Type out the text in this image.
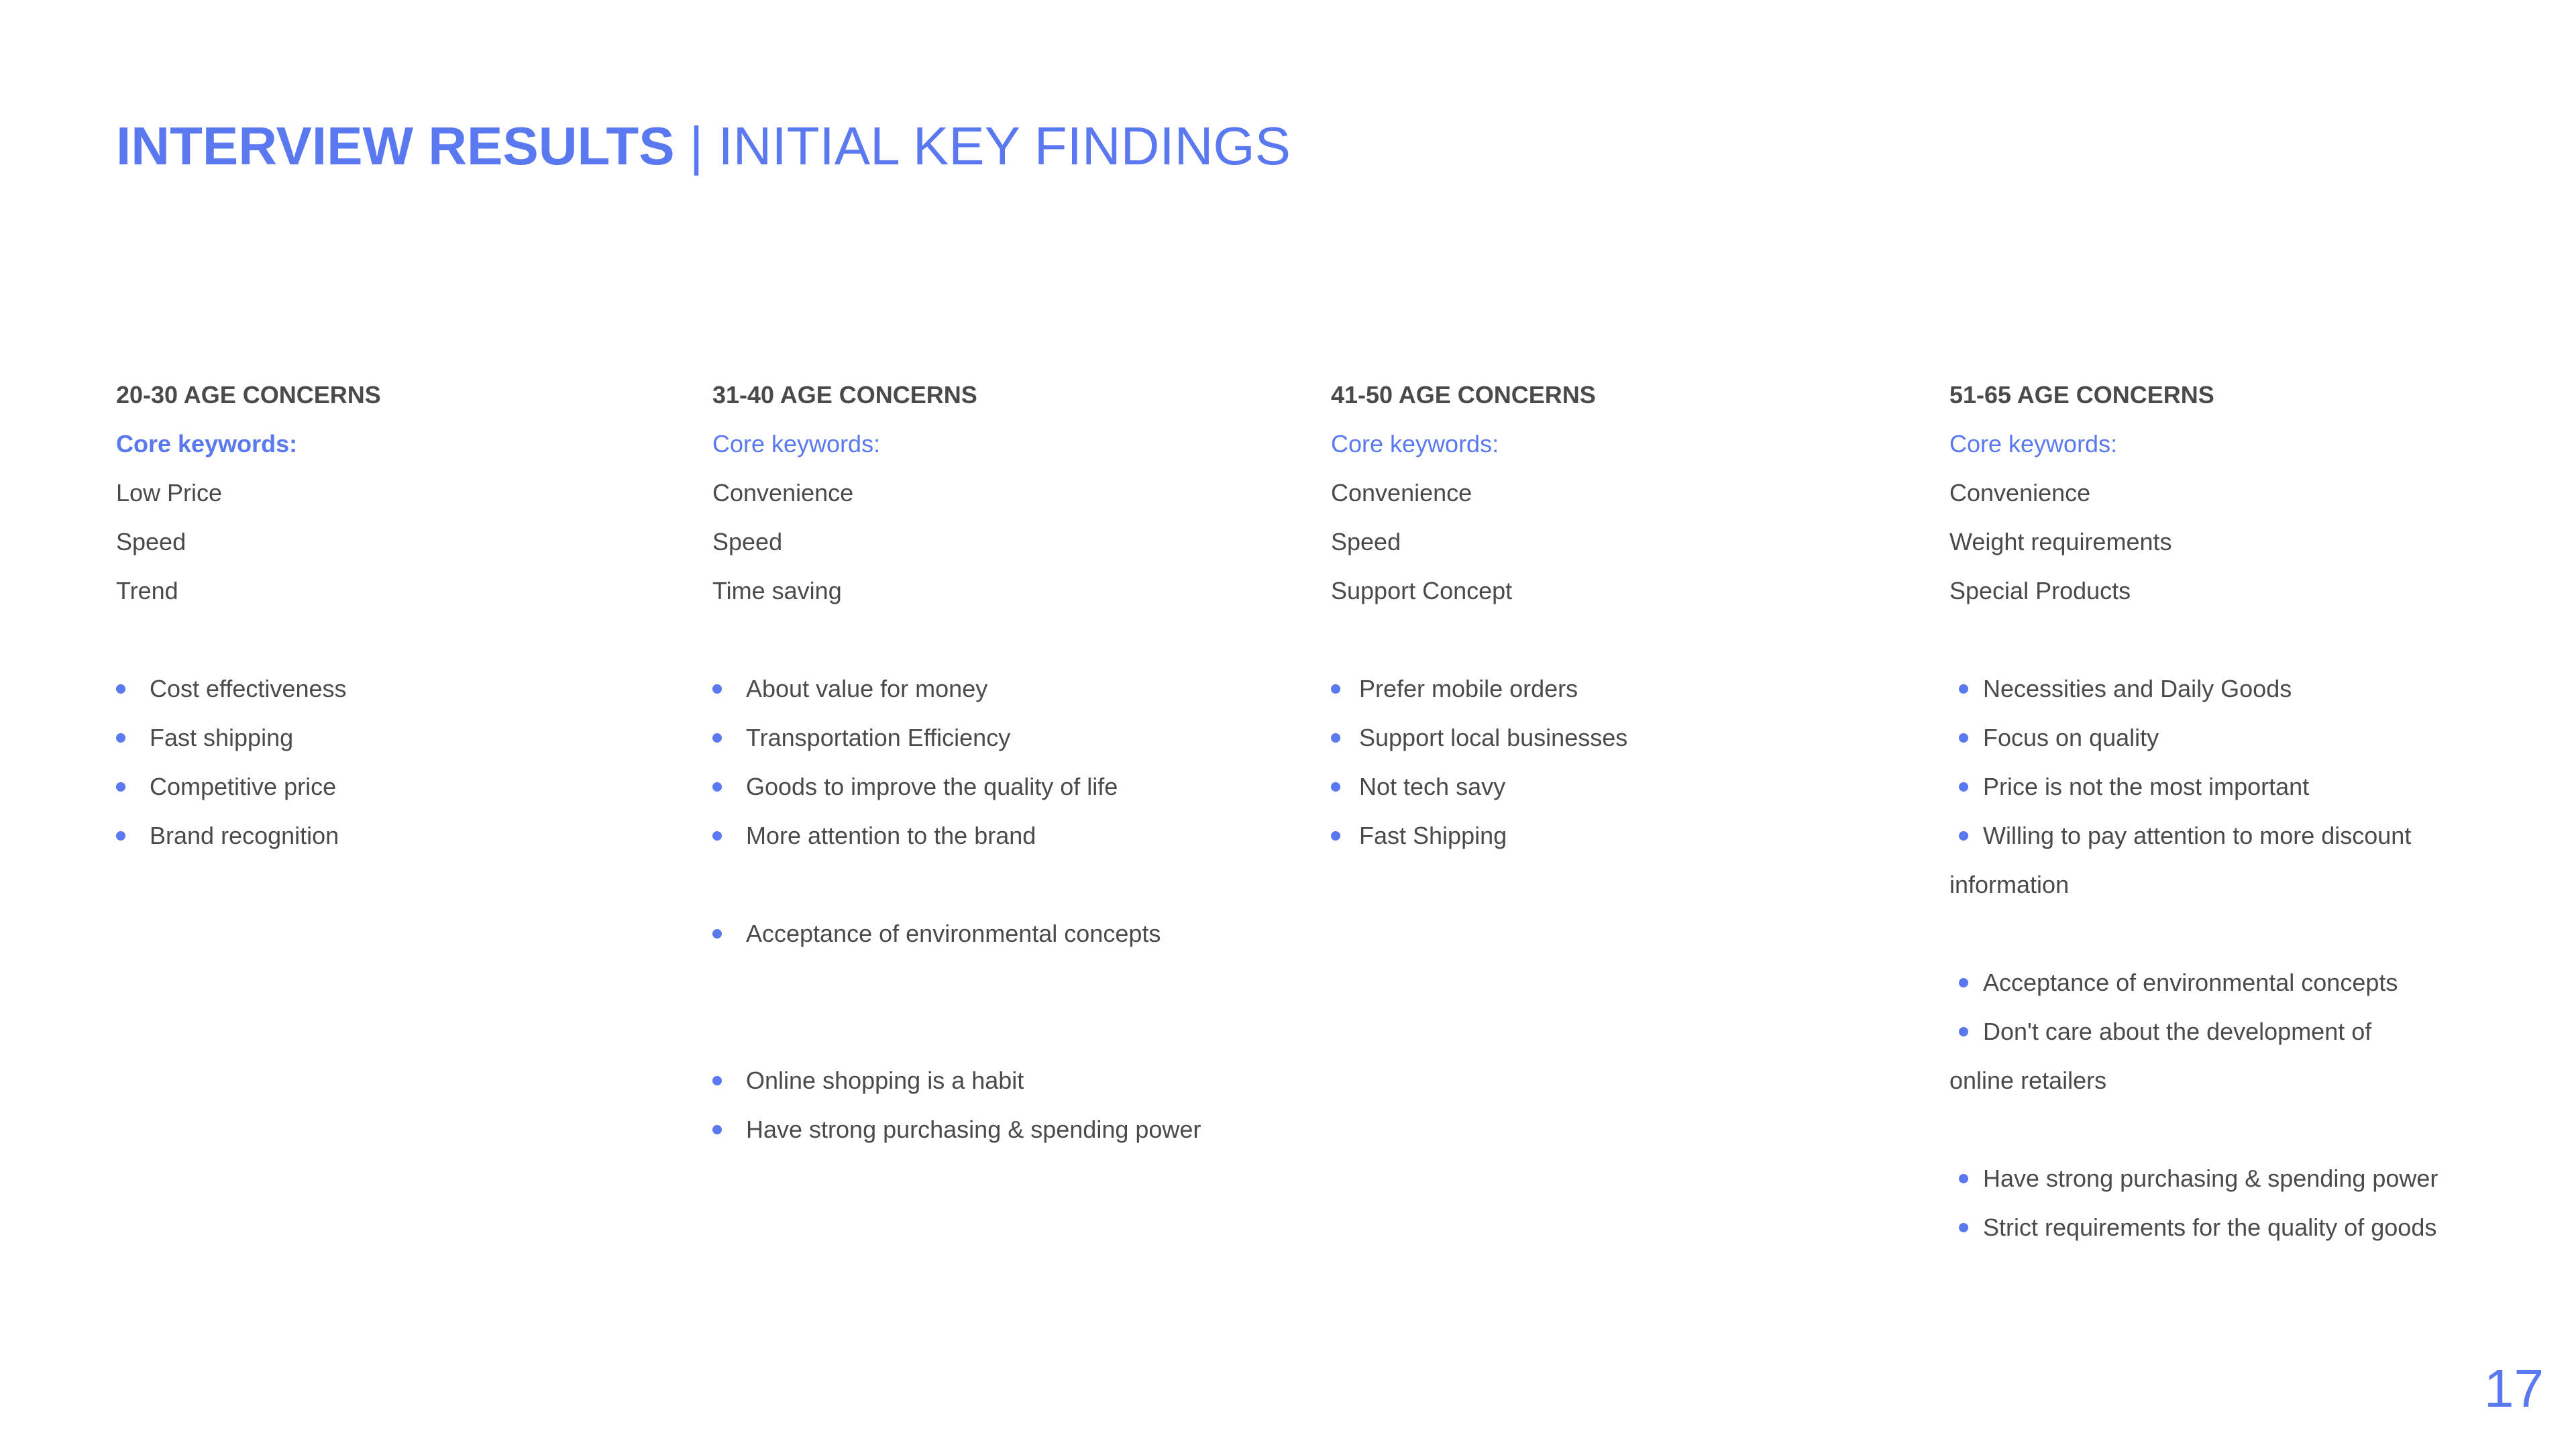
INTERVIEW RESULTS | INITIAL KEY FINDINGS
20-30 AGE CONCERNS
Core keywords:
Low Price
Speed
Trend
Cost effectiveness
Fast shipping
Competitive price
Brand recognition
31-40 AGE CONCERNS
Core keywords:
Convenience
Speed
Time saving
About value for money
Transportation Efficiency
Goods to improve the quality of life
More attention to the brand
Acceptance of environmental concepts
Online shopping is a habit
Have strong purchasing & spending power
41-50 AGE CONCERNS
Core keywords:
Convenience
Speed
Support Concept
Prefer mobile orders
Support local businesses
Not tech savy
Fast Shipping
51-65 AGE CONCERNS
Core keywords:
Convenience
Weight requirements
Special Products
Necessities and Daily Goods
Focus on quality
Price is not the most important
Willing to pay attention to more discount
information
Acceptance of environmental concepts
Don't care about the development of
online retailers
Have strong purchasing & spending power
Strict requirements for the quality of goods
17
